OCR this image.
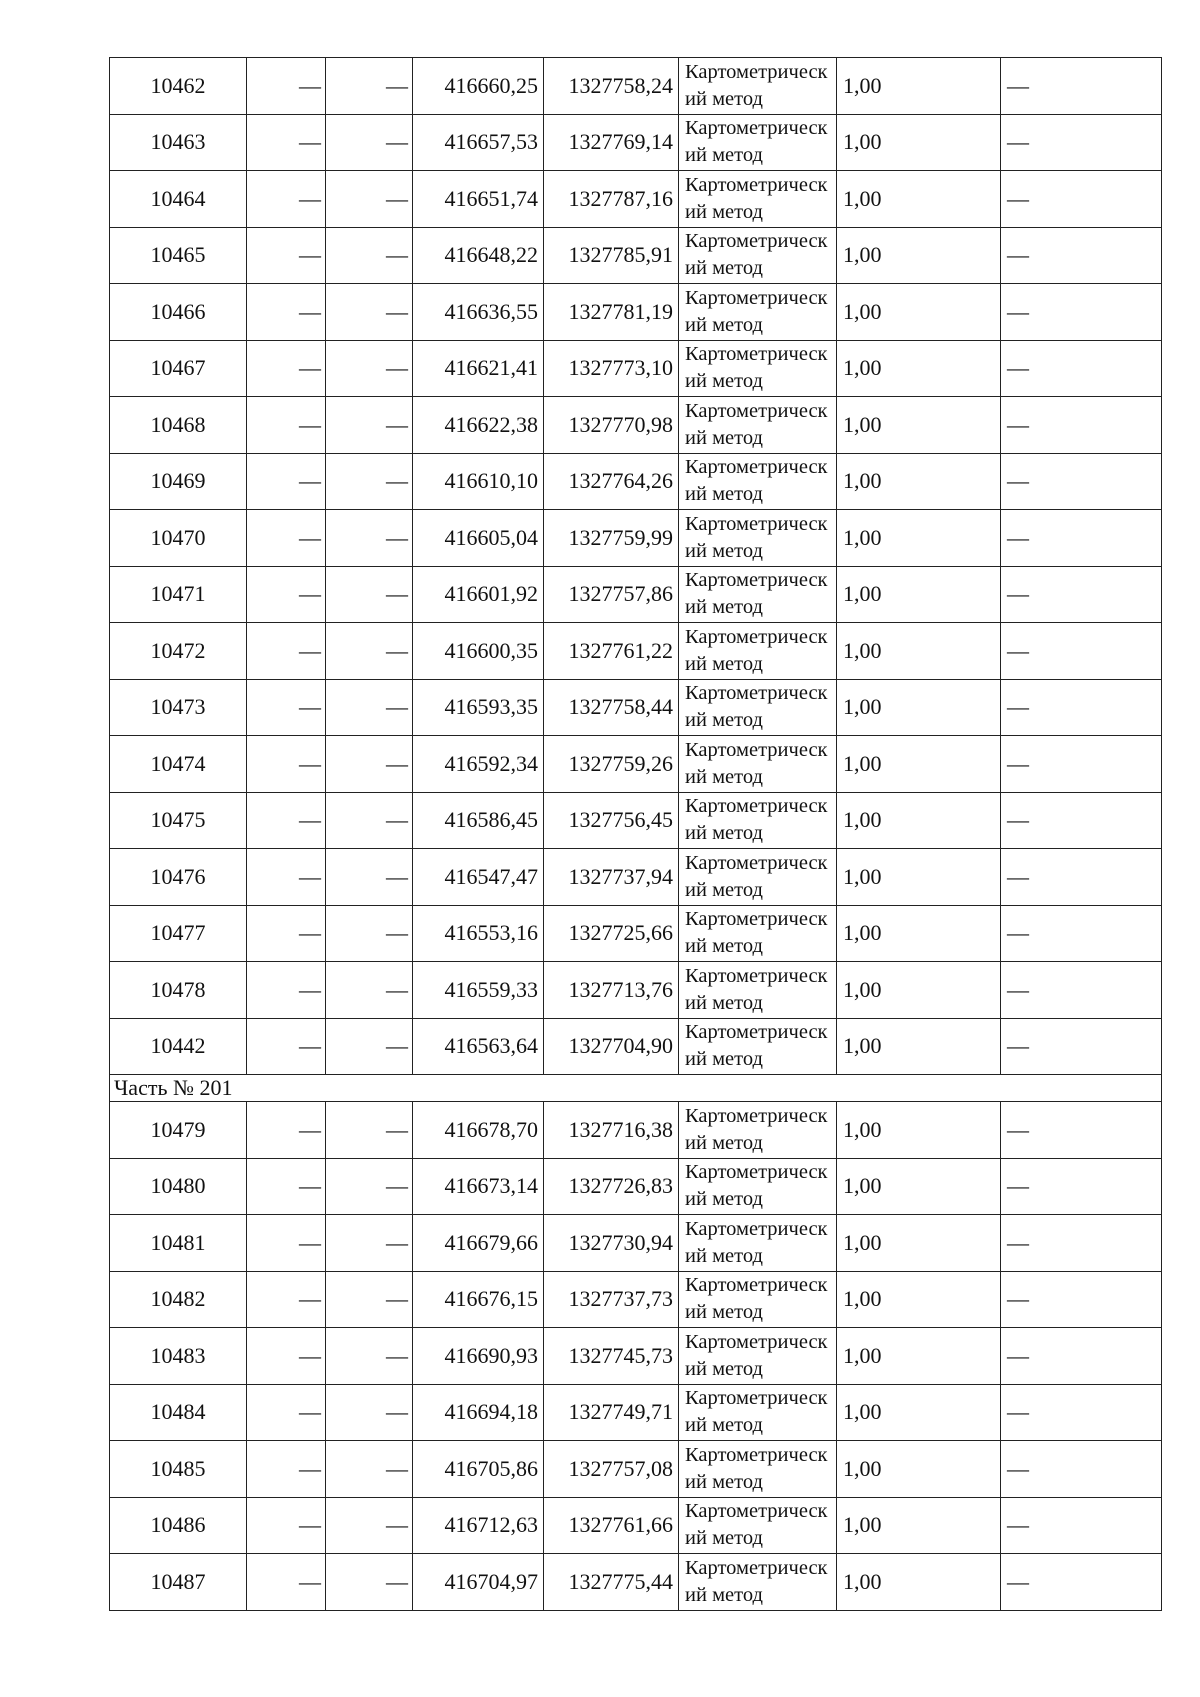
10462	—	—	416660,25	1327758,24	Картометрический метод	1,00	—
10463	—	—	416657,53	1327769,14	Картометрический метод	1,00	—
10464	—	—	416651,74	1327787,16	Картометрический метод	1,00	—
10465	—	—	416648,22	1327785,91	Картометрический метод	1,00	—
10466	—	—	416636,55	1327781,19	Картометрический метод	1,00	—
10467	—	—	416621,41	1327773,10	Картометрический метод	1,00	—
10468	—	—	416622,38	1327770,98	Картометрический метод	1,00	—
10469	—	—	416610,10	1327764,26	Картометрический метод	1,00	—
10470	—	—	416605,04	1327759,99	Картометрический метод	1,00	—
10471	—	—	416601,92	1327757,86	Картометрический метод	1,00	—
10472	—	—	416600,35	1327761,22	Картометрический метод	1,00	—
10473	—	—	416593,35	1327758,44	Картометрический метод	1,00	—
10474	—	—	416592,34	1327759,26	Картометрический метод	1,00	—
10475	—	—	416586,45	1327756,45	Картометрический метод	1,00	—
10476	—	—	416547,47	1327737,94	Картометрический метод	1,00	—
10477	—	—	416553,16	1327725,66	Картометрический метод	1,00	—
10478	—	—	416559,33	1327713,76	Картометрический метод	1,00	—
10442	—	—	416563,64	1327704,90	Картометрический метод	1,00	—
Часть № 201							
10479	—	—	416678,70	1327716,38	Картометрический метод	1,00	—
10480	—	—	416673,14	1327726,83	Картометрический метод	1,00	—
10481	—	—	416679,66	1327730,94	Картометрический метод	1,00	—
10482	—	—	416676,15	1327737,73	Картометрический метод	1,00	—
10483	—	—	416690,93	1327745,73	Картометрический метод	1,00	—
10484	—	—	416694,18	1327749,71	Картометрический метод	1,00	—
10485	—	—	416705,86	1327757,08	Картометрический метод	1,00	—
10486	—	—	416712,63	1327761,66	Картометрический метод	1,00	—
10487	—	—	416704,97	1327775,44	Картометрический метод	1,00	—
